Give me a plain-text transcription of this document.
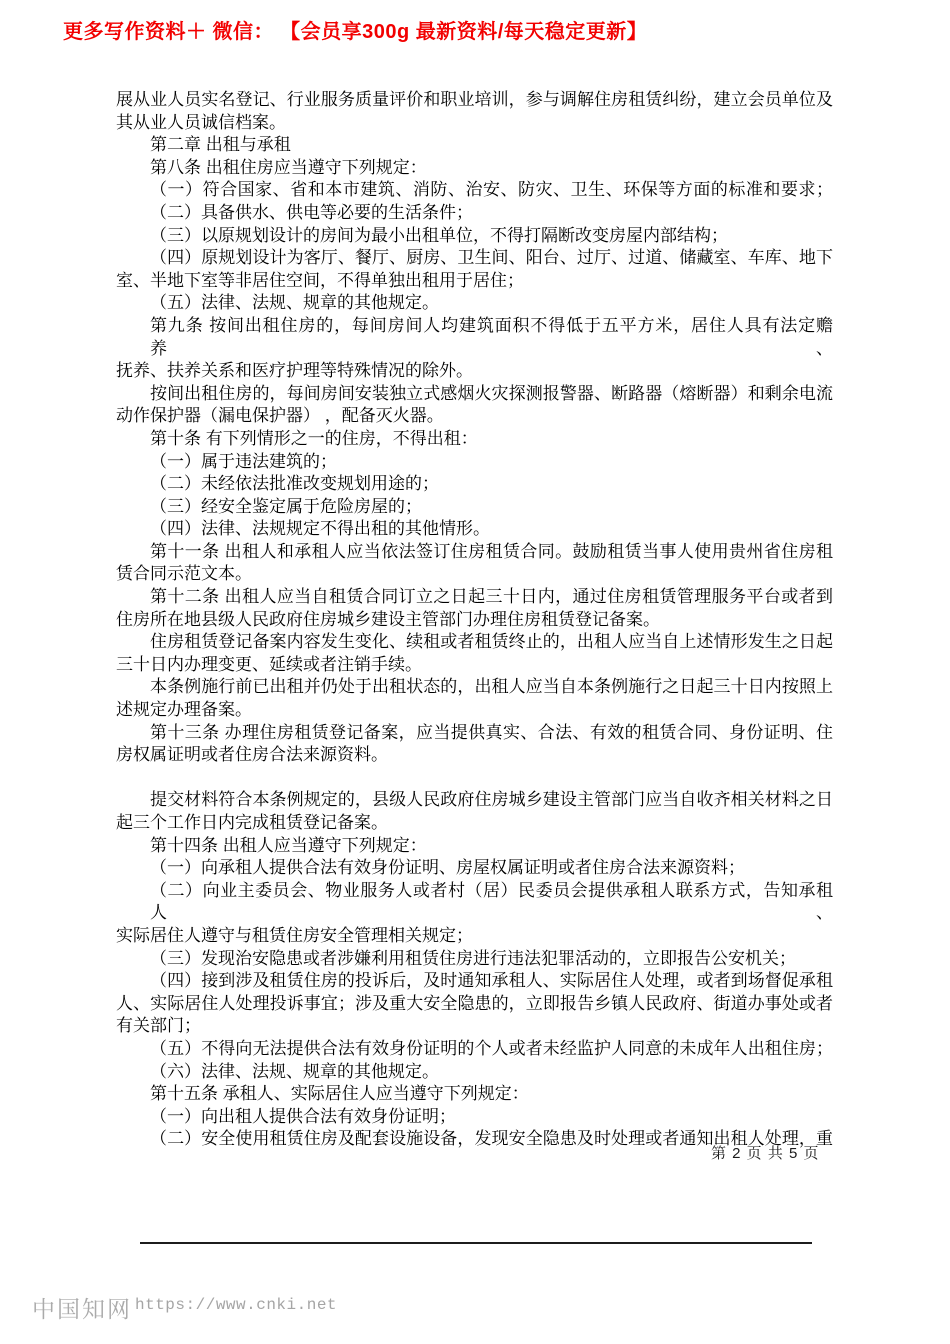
更多写作资料＋ 微信： 【会员享300g 最新资料/每天稳定更新】
展从业人员实名登记、行业服务质量评价和职业培训，参与调解住房租赁纠纷，建立会员单位及
其从业人员诚信档案。
第二章 出租与承租
第八条 出租住房应当遵守下列规定：
（一）符合国家、省和本市建筑、消防、治安、防灾、卫生、环保等方面的标准和要求；
（二）具备供水、供电等必要的生活条件；
（三）以原规划设计的房间为最小出租单位，不得打隔断改变房屋内部结构；
（四）原规划设计为客厅、餐厅、厨房、卫生间、阳台、过厅、过道、储藏室、车库、地下
室、半地下室等非居住空间，不得单独出租用于居住；
（五）法律、法规、规章的其他规定。
第九条 按间出租住房的，每间房间人均建筑面积不得低于五平方米，居住人具有法定赡养、
抚养、扶养关系和医疗护理等特殊情况的除外。
按间出租住房的，每间房间安装独立式感烟火灾探测报警器、断路器（熔断器）和剩余电流
动作保护器（漏电保护器） ，配备灭火器。
第十条 有下列情形之一的住房，不得出租：
（一）属于违法建筑的；
（二）未经依法批准改变规划用途的；
（三）经安全鉴定属于危险房屋的；
（四）法律、法规规定不得出租的其他情形。
第十一条 出租人和承租人应当依法签订住房租赁合同。鼓励租赁当事人使用贵州省住房租
赁合同示范文本。
第十二条 出租人应当自租赁合同订立之日起三十日内，通过住房租赁管理服务平台或者到
住房所在地县级人民政府住房城乡建设主管部门办理住房租赁登记备案。
住房租赁登记备案内容发生变化、续租或者租赁终止的，出租人应当自上述情形发生之日起
三十日内办理变更、延续或者注销手续。
本条例施行前已出租并仍处于出租状态的，出租人应当自本条例施行之日起三十日内按照上
述规定办理备案。
第十三条 办理住房租赁登记备案，应当提供真实、合法、有效的租赁合同、身份证明、住
房权属证明或者住房合法来源资料。

提交材料符合本条例规定的，县级人民政府住房城乡建设主管部门应当自收齐相关材料之日
起三个工作日内完成租赁登记备案。
第十四条 出租人应当遵守下列规定：
（一）向承租人提供合法有效身份证明、房屋权属证明或者住房合法来源资料；
（二）向业主委员会、物业服务人或者村（居）民委员会提供承租人联系方式，告知承租人、
实际居住人遵守与租赁住房安全管理相关规定；
（三）发现治安隐患或者涉嫌利用租赁住房进行违法犯罪活动的，立即报告公安机关；
（四）接到涉及租赁住房的投诉后，及时通知承租人、实际居住人处理，或者到场督促承租
人、实际居住人处理投诉事宜；涉及重大安全隐患的，立即报告乡镇人民政府、街道办事处或者
有关部门；
（五）不得向无法提供合法有效身份证明的个人或者未经监护人同意的未成年人出租住房；
（六）法律、法规、规章的其他规定。
第十五条 承租人、实际居住人应当遵守下列规定：
（一）向出租人提供合法有效身份证明；
（二）安全使用租赁住房及配套设施设备，发现安全隐患及时处理或者通知出租人处理，重
第 2 页 共 5 页
中国知网 https://www.cnki.net
